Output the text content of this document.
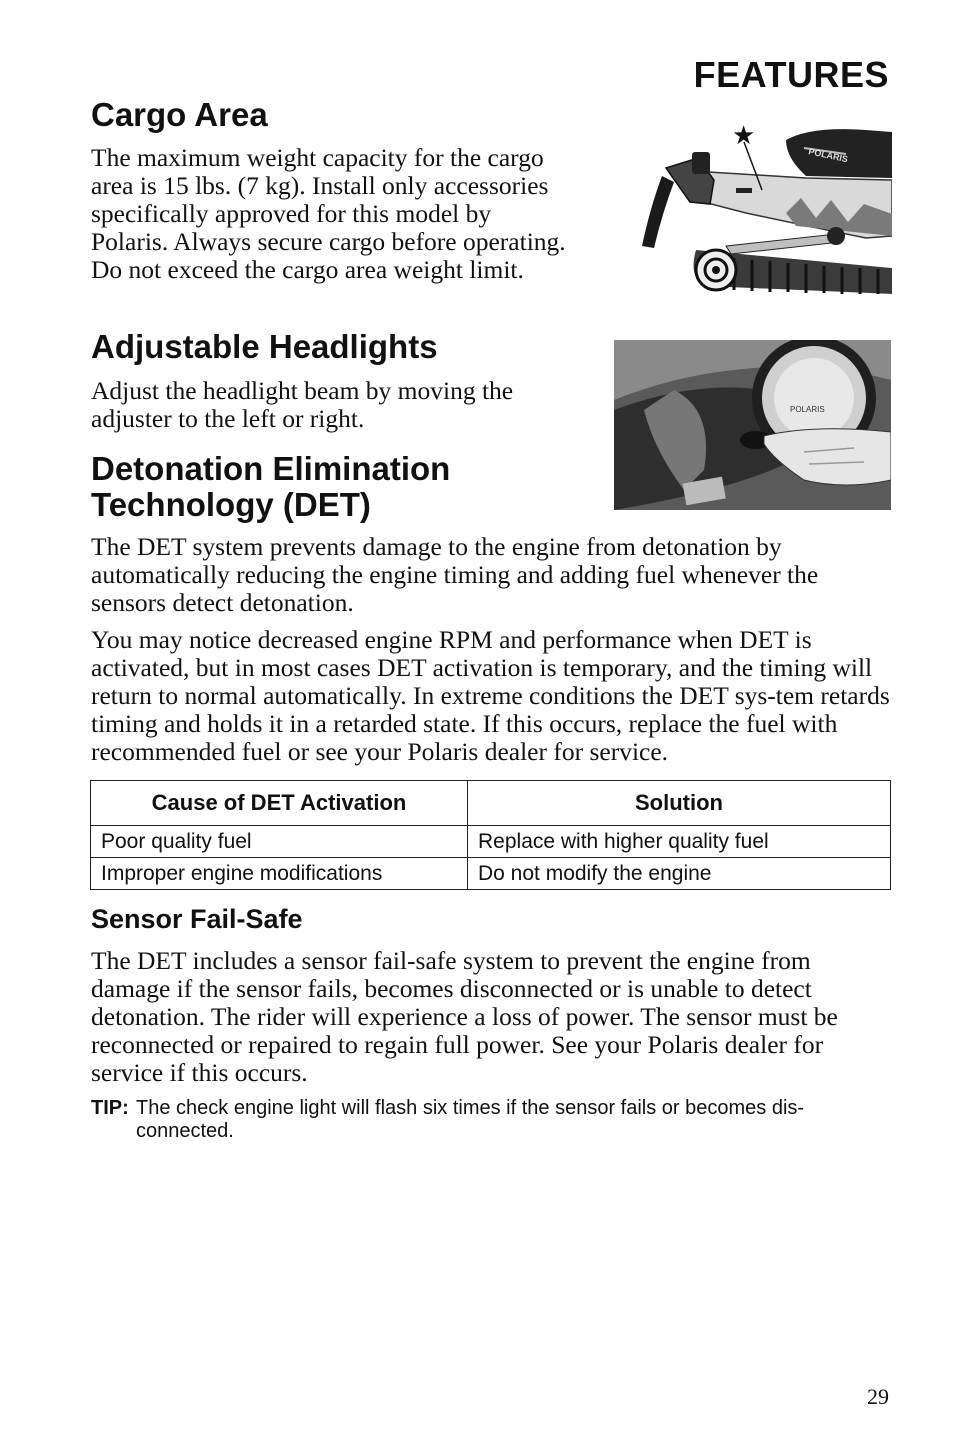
FEATURES
Cargo Area

The maximum weight capacity for the cargo area is 15 lbs. (7 kg). Install only accessories specifically approved for this model by Polaris. Always secure cargo before operating. Do not exceed the cargo area weight limit.

POLARIS
★
Adjustable Headlights

Adjust the headlight beam by moving the adjuster to the left or right.	POLARIS
Detonation Elimination Technology (DET)

The DET system prevents damage to the engine from detonation by automatically reducing the engine timing and adding fuel whenever the sensors detect detonation.

You may notice decreased engine RPM and performance when DET is activated, but in most cases DET activation is temporary, and the timing will return to normal automatically. In extreme conditions the DET sys-tem retards timing and holds it in a retarded state. If this occurs, replace the fuel with recommended fuel or see your Polaris dealer for service.

Cause of DET Activation	Solution
Poor quality fuel	Replace with higher quality fuel
Improper engine modifications	Do not modify the engine
Sensor Fail-Safe

The DET includes a sensor fail-safe system to prevent the engine from damage if the sensor fails, becomes disconnected or is unable to detect detonation. The rider will experience a loss of power. The sensor must be reconnected or repaired to regain full power. See your Polaris dealer for service if this occurs.

TIP: The check engine light will flash six times if the sensor fails or becomes dis-connected.
29
